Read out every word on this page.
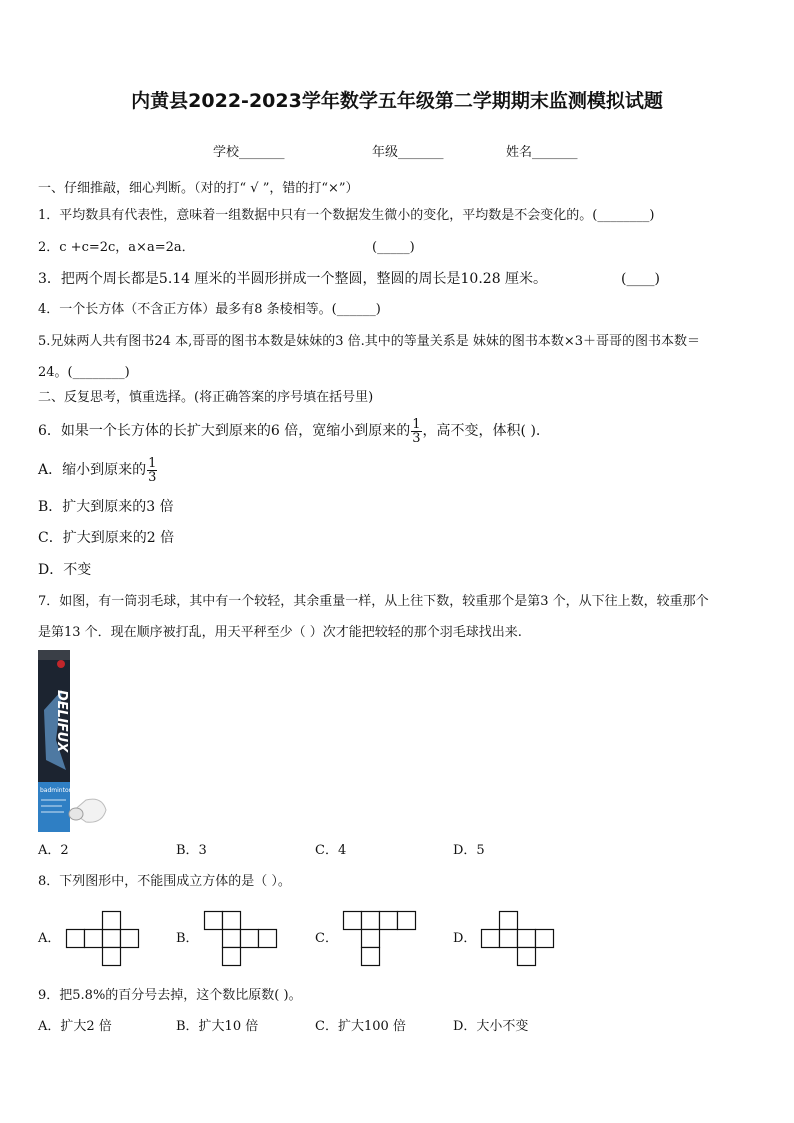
内黄县2022-2023学年数学五年级第二学期期末监测模拟试题
学校_______	年级_______	姓名_______
一、仔细推敲，细心判断。（对的打“ √ ”，错的打“×”）
1．平均数具有代表性，意味着一组数据中只有一个数据发生微小的变化，平均数是不会变化的。(________)
2．c +c=2c，a×a=2a．	(_____)
3．把两个周长都是5.14 厘米的半圆形拼成一个整圆，整圆的周长是10.28 厘米。	(____)
4．一个长方体（不含正方体）最多有8 条棱相等。(______)
5.兄妹两人共有图书24 本,哥哥的图书本数是妹妹的3 倍.其中的等量关系是 妹妹的图书本数×3＋哥哥的图书本数＝
24。(________)
二、反复思考，慎重选择。(将正确答案的序号填在括号里)
6．如果一个长方体的长扩大到原来的6 倍，宽缩小到原来的 $\frac{1}{3}$ ，高不变，体积( ).
A．缩小到原来的 $\frac{1}{3}$
B．扩大到原来的3 倍
C．扩大到原来的2 倍
D．不变
7．如图，有一筒羽毛球，其中有一个较轻，其余重量一样，从上往下数，较重那个是第3 个，从下往上数，较重那个
是第13 个．现在顺序被打乱，用天平秤至少（ ）次才能把较轻的那个羽毛球找出来.
DELIFUX
badminton
A．2	B．3	C．4	D．5
8．下列图形中，不能围成立方体的是（ ）。
A．	B．	C．	D．
9．把5.8%的百分号去掉，这个数比原数( )。
A．扩大2 倍	B．扩大10 倍	C．扩大100 倍	D．大小不变
